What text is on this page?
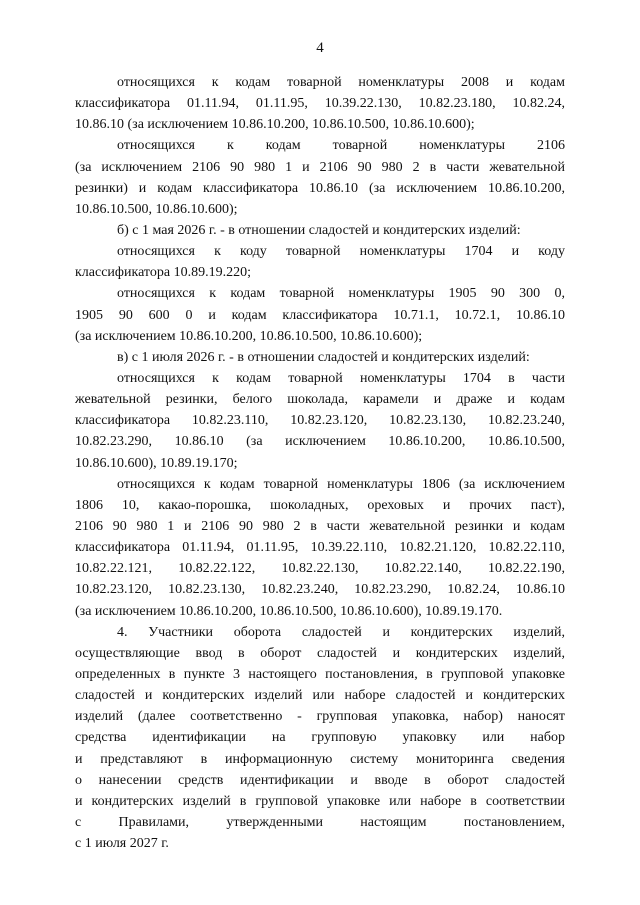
4
относящихся к кодам товарной номенклатуры 2008 и кодам
классификатора 01.11.94, 01.11.95, 10.39.22.130, 10.82.23.180, 10.82.24,
10.86.10 (за исключением 10.86.10.200, 10.86.10.500, 10.86.10.600);
относящихся к кодам товарной номенклатуры 2106
(за исключением 2106 90 980 1 и 2106 90 980 2 в части жевательной
резинки) и кодам классификатора 10.86.10 (за исключением 10.86.10.200,
10.86.10.500, 10.86.10.600);
б) с 1 мая 2026 г. - в отношении сладостей и кондитерских изделий:
относящихся к коду товарной номенклатуры 1704 и коду
классификатора 10.89.19.220;
относящихся к кодам товарной номенклатуры 1905 90 300 0,
1905 90 600 0 и кодам классификатора 10.71.1, 10.72.1, 10.86.10
(за исключением 10.86.10.200, 10.86.10.500, 10.86.10.600);
в) с 1 июля 2026 г. - в отношении сладостей и кондитерских изделий:
относящихся к кодам товарной номенклатуры 1704 в части
жевательной резинки, белого шоколада, карамели и драже и кодам
классификатора 10.82.23.110, 10.82.23.120, 10.82.23.130, 10.82.23.240,
10.82.23.290, 10.86.10 (за исключением 10.86.10.200, 10.86.10.500,
10.86.10.600), 10.89.19.170;
относящихся к кодам товарной номенклатуры 1806 (за исключением
1806 10, какао-порошка, шоколадных, ореховых и прочих паст),
2106 90 980 1 и 2106 90 980 2 в части жевательной резинки и кодам
классификатора 01.11.94, 01.11.95, 10.39.22.110, 10.82.21.120, 10.82.22.110,
10.82.22.121, 10.82.22.122, 10.82.22.130, 10.82.22.140, 10.82.22.190,
10.82.23.120, 10.82.23.130, 10.82.23.240, 10.82.23.290, 10.82.24, 10.86.10
(за исключением 10.86.10.200, 10.86.10.500, 10.86.10.600), 10.89.19.170.
4. Участники оборота сладостей и кондитерских изделий,
осуществляющие ввод в оборот сладостей и кондитерских изделий,
определенных в пункте 3 настоящего постановления, в групповой упаковке
сладостей и кондитерских изделий или наборе сладостей и кондитерских
изделий (далее соответственно - групповая упаковка, набор) наносят
средства идентификации на групповую упаковку или набор
и представляют в информационную систему мониторинга сведения
о нанесении средств идентификации и вводе в оборот сладостей
и кондитерских изделий в групповой упаковке или наборе в соответствии
с Правилами, утвержденными настоящим постановлением,
с 1 июля 2027 г.
